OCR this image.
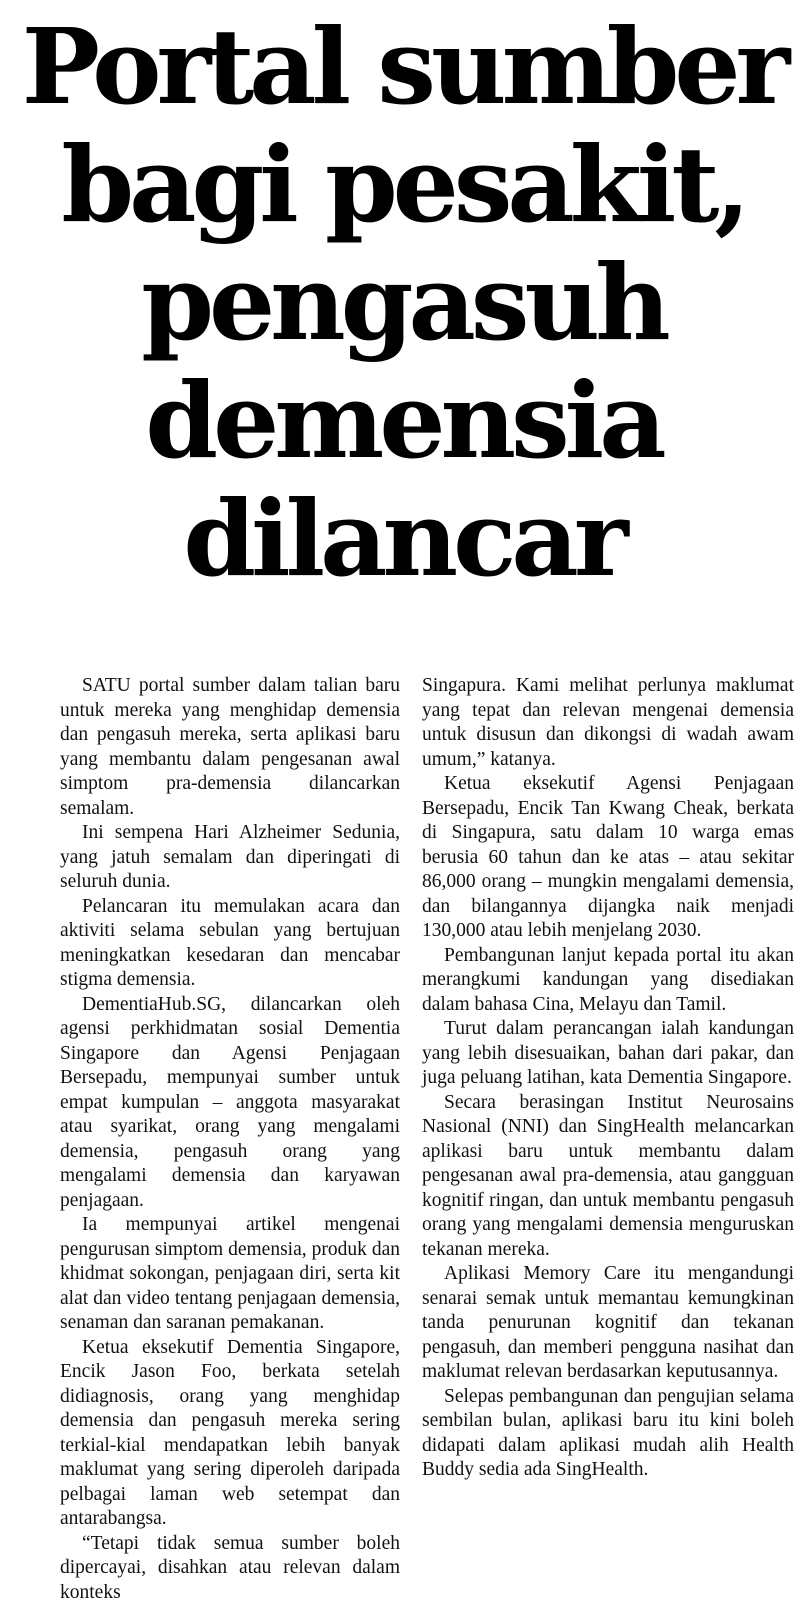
Portal sumber
bagi pesakit,
pengasuh
demensia
dilancar

SATU portal sumber dalam talian baru untuk mereka yang menghidap demensia dan pengasuh mereka, serta aplikasi baru yang membantu dalam pengesanan awal simptom pra-demensia dilancarkan semalam.

Ini sempena Hari Alzheimer Sedunia, yang jatuh semalam dan diperingati di seluruh dunia.

Pelancaran itu memulakan acara dan aktiviti selama sebulan yang bertujuan meningkatkan kesedaran dan mencabar stigma demensia.

DementiaHub.SG, dilancarkan oleh agensi perkhidmatan sosial Dementia Singapore dan Agensi Penjagaan Bersepadu, mempunyai sumber untuk empat kumpulan – anggota masyarakat atau syarikat, orang yang mengalami demensia, pengasuh orang yang mengalami demensia dan karyawan penjagaan.

Ia mempunyai artikel mengenai pengurusan simptom demensia, produk dan khidmat sokongan, penjagaan diri, serta kit alat dan video tentang penjagaan demensia, senaman dan saranan pemakanan.

Ketua eksekutif Dementia Singapore, Encik Jason Foo, berkata setelah didiagnosis, orang yang menghidap demensia dan pengasuh mereka sering terkial-kial mendapatkan lebih banyak maklumat yang sering diperoleh daripada pelbagai laman web setempat dan antarabangsa.

“Tetapi tidak semua sumber boleh dipercayai, disahkan atau relevan dalam konteks

Singapura. Kami melihat perlunya maklumat yang tepat dan relevan mengenai demensia untuk disusun dan dikongsi di wadah awam umum,” katanya.

Ketua eksekutif Agensi Penjagaan Bersepadu, Encik Tan Kwang Cheak, berkata di Singapura, satu dalam 10 warga emas berusia 60 tahun dan ke atas – atau sekitar 86,000 orang – mungkin mengalami demensia, dan bilangannya dijangka naik menjadi 130,000 atau lebih menjelang 2030.

Pembangunan lanjut kepada portal itu akan merangkumi kandungan yang disediakan dalam bahasa Cina, Melayu dan Tamil.

Turut dalam perancangan ialah kandungan yang lebih disesuaikan, bahan dari pakar, dan juga peluang latihan, kata Dementia Singapore.

Secara berasingan Institut Neurosains Nasional (NNI) dan SingHealth melancarkan aplikasi baru untuk membantu dalam pengesanan awal pra-demensia, atau gangguan kognitif ringan, dan untuk membantu pengasuh orang yang mengalami demensia menguruskan tekanan mereka.

Aplikasi Memory Care itu mengandungi senarai semak untuk memantau kemungkinan tanda penurunan kognitif dan tekanan pengasuh, dan memberi pengguna nasihat dan maklumat relevan berdasarkan keputusannya.

Selepas pembangunan dan pengujian selama sembilan bulan, aplikasi baru itu kini boleh didapati dalam aplikasi mudah alih Health Buddy sedia ada SingHealth.
